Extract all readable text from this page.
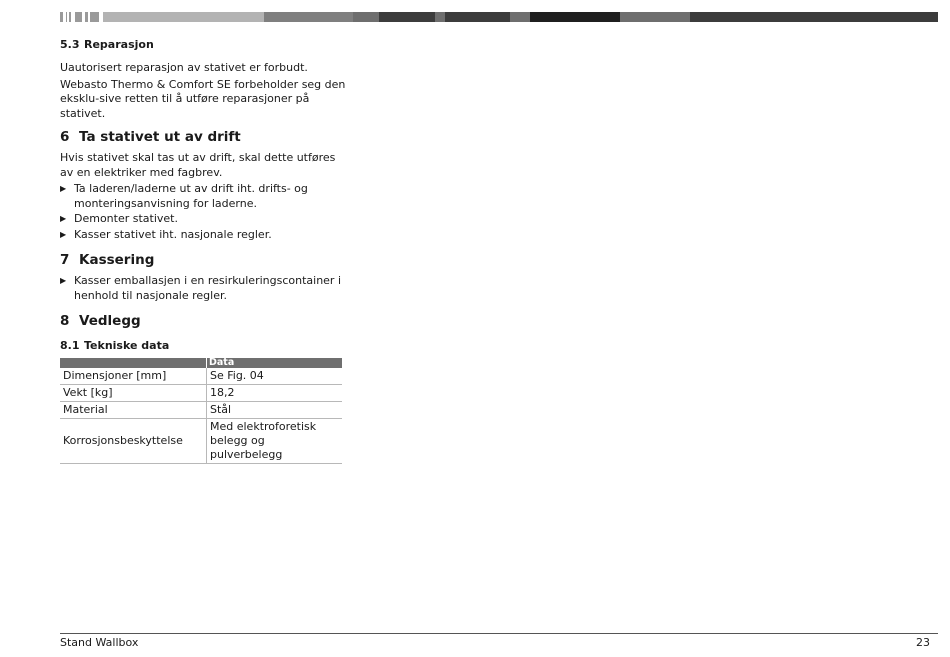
5.3 Reparasjon

Uautorisert reparasjon av stativet er forbudt.

Webasto Thermo & Comfort SE forbeholder seg den eksklu-sive retten til å utføre reparasjoner på stativet.

6 Ta stativet ut av drift

Hvis stativet skal tas ut av drift, skal dette utføres av en elektriker med fagbrev.

▶ Ta laderen/laderne ut av drift iht. drifts- og monteringsanvisning for laderne.
▶ Demonter stativet.
▶ Kasser stativet iht. nasjonale regler.
7 Kassering
▶ Kasser emballasjen i en resirkuleringscontainer i henhold til nasjonale regler.
8 Vedlegg
8.1 Tekniske data
	Data
Dimensjoner [mm]	Se Fig. 04
Vekt [kg]	18,2
Material	Stål
Korrosjonsbeskyttelse	Med elektroforetisk belegg og pulverbelegg
Stand Wallbox	23
